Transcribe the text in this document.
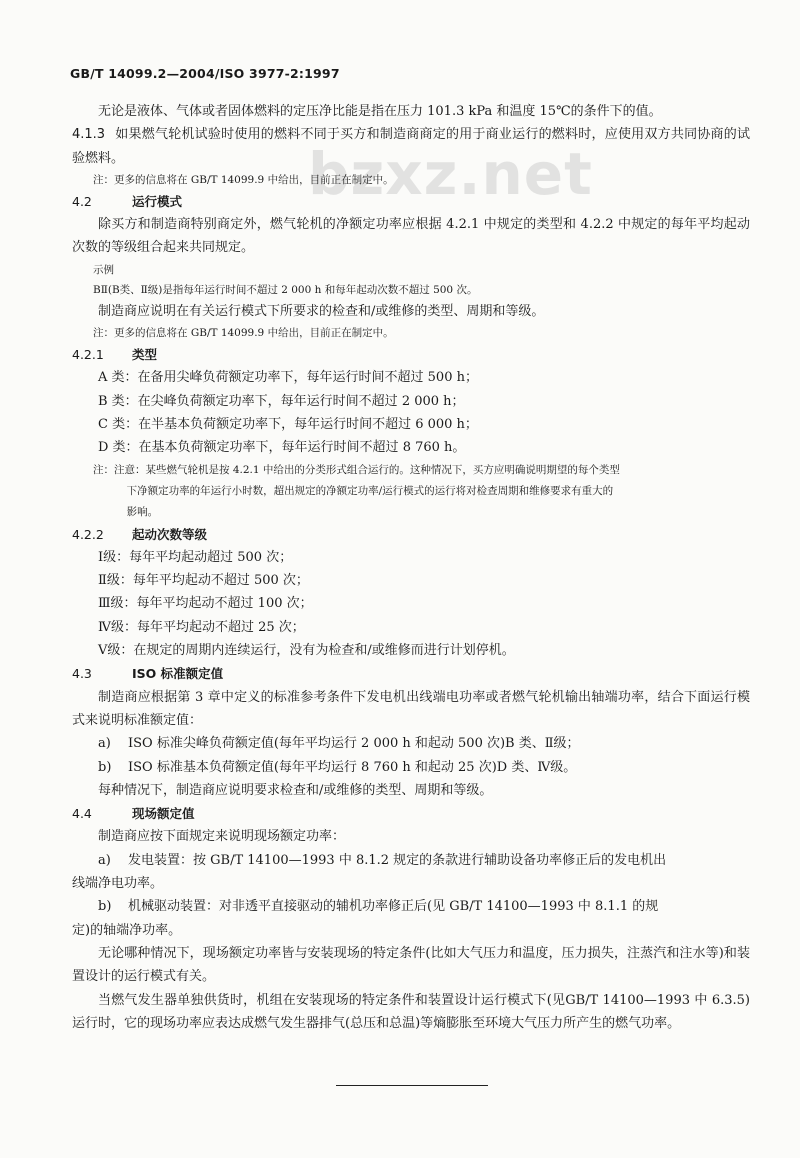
GB/T 14099.2—2004/ISO 3977-2:1997
bzxz.net

无论是液体、气体或者固体燃料的定压净比能是指在压力 101.3 kPa 和温度 15℃的条件下的值。

4.1.3 如果燃气轮机试验时使用的燃料不同于买方和制造商商定的用于商业运行的燃料时，应使用双方共同协商的试验燃料。

注：更多的信息将在 GB/T 14099.9 中给出，目前正在制定中。

4.2	运行模式

除买方和制造商特别商定外，燃气轮机的净额定功率应根据 4.2.1 中规定的类型和 4.2.2 中规定的每年平均起动次数的等级组合起来共同规定。

示例

BⅡ(B类、Ⅱ级)是指每年运行时间不超过 2 000 h 和每年起动次数不超过 500 次。

制造商应说明在有关运行模式下所要求的检查和/或维修的类型、周期和等级。

注：更多的信息将在 GB/T 14099.9 中给出，目前正在制定中。

4.2.1 类型

A 类：在备用尖峰负荷额定功率下，每年运行时间不超过 500 h；

B 类：在尖峰负荷额定功率下，每年运行时间不超过 2 000 h；

C 类：在半基本负荷额定功率下，每年运行时间不超过 6 000 h；

D 类：在基本负荷额定功率下，每年运行时间不超过 8 760 h。

注：注意：某些燃气轮机是按 4.2.1 中给出的分类形式组合运行的。这种情况下，买方应明确说明期望的每个类型
下净额定功率的年运行小时数，超出规定的净额定功率/运行模式的运行将对检查周期和维修要求有重大的
影响。

4.2.2 起动次数等级

Ⅰ级：每年平均起动超过 500 次；

Ⅱ级：每年平均起动不超过 500 次；

Ⅲ级：每年平均起动不超过 100 次；

Ⅳ级：每年平均起动不超过 25 次；

Ⅴ级：在规定的周期内连续运行，没有为检查和/或维修而进行计划停机。

4.3	ISO 标准额定值

制造商应根据第 3 章中定义的标准参考条件下发电机出线端电功率或者燃气轮机输出轴端功率，结合下面运行模式来说明标准额定值：

a) ISO 标准尖峰负荷额定值(每年平均运行 2 000 h 和起动 500 次)B 类、Ⅱ级；

b) ISO 标准基本负荷额定值(每年平均运行 8 760 h 和起动 25 次)D 类、Ⅳ级。

每种情况下，制造商应说明要求检查和/或维修的类型、周期和等级。

4.4	现场额定值

制造商应按下面规定来说明现场额定功率：

a) 发电装置：按 GB/T 14100—1993 中 8.1.2 规定的条款进行辅助设备功率修正后的发电机出

线端净电功率。

b) 机械驱动装置：对非透平直接驱动的辅机功率修正后(见 GB/T 14100—1993 中 8.1.1 的规

定)的轴端净功率。

无论哪种情况下，现场额定功率皆与安装现场的特定条件(比如大气压力和温度，压力损失，注蒸汽和注水等)和装置设计的运行模式有关。

当燃气发生器单独供货时，机组在安装现场的特定条件和装置设计运行模式下(见GB/T 14100—1993 中 6.3.5)运行时，它的现场功率应表达成燃气发生器排气(总压和总温)等熵膨胀至环境大气压力所产生的燃气功率。
